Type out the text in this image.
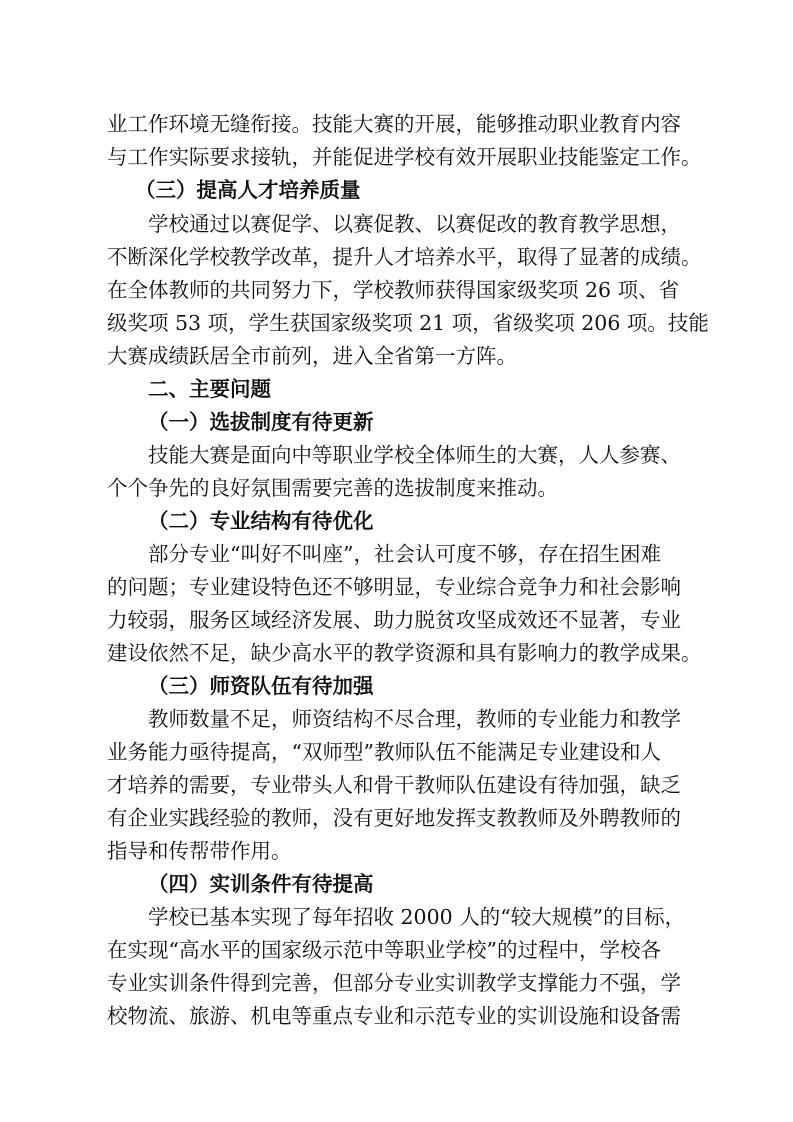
业工作环境无缝衔接。技能大赛的开展，能够推动职业教育内容
与工作实际要求接轨，并能促进学校有效开展职业技能鉴定工作。
（三）提高人才培养质量
学校通过以赛促学、以赛促教、以赛促改的教育教学思想，
不断深化学校教学改革，提升人才培养水平，取得了显著的成绩。
在全体教师的共同努力下，学校教师获得国家级奖项 26 项、省
级奖项 53 项，学生获国家级奖项 21 项，省级奖项 206 项。技能
大赛成绩跃居全市前列，进入全省第一方阵。
二、主要问题
（一）选拔制度有待更新
技能大赛是面向中等职业学校全体师生的大赛，人人参赛、
个个争先的良好氛围需要完善的选拔制度来推动。
（二）专业结构有待优化
部分专业“叫好不叫座”，社会认可度不够，存在招生困难
的问题；专业建设特色还不够明显，专业综合竞争力和社会影响
力较弱，服务区域经济发展、助力脱贫攻坚成效还不显著，专业
建设依然不足，缺少高水平的教学资源和具有影响力的教学成果。
（三）师资队伍有待加强
教师数量不足，师资结构不尽合理，教师的专业能力和教学
业务能力亟待提高，“双师型”教师队伍不能满足专业建设和人
才培养的需要，专业带头人和骨干教师队伍建设有待加强，缺乏
有企业实践经验的教师，没有更好地发挥支教教师及外聘教师的
指导和传帮带作用。
（四）实训条件有待提高
学校已基本实现了每年招收 2000 人的“较大规模”的目标，
在实现“高水平的国家级示范中等职业学校”的过程中，学校各
专业实训条件得到完善，但部分专业实训教学支撑能力不强，学
校物流、旅游、机电等重点专业和示范专业的实训设施和设备需
